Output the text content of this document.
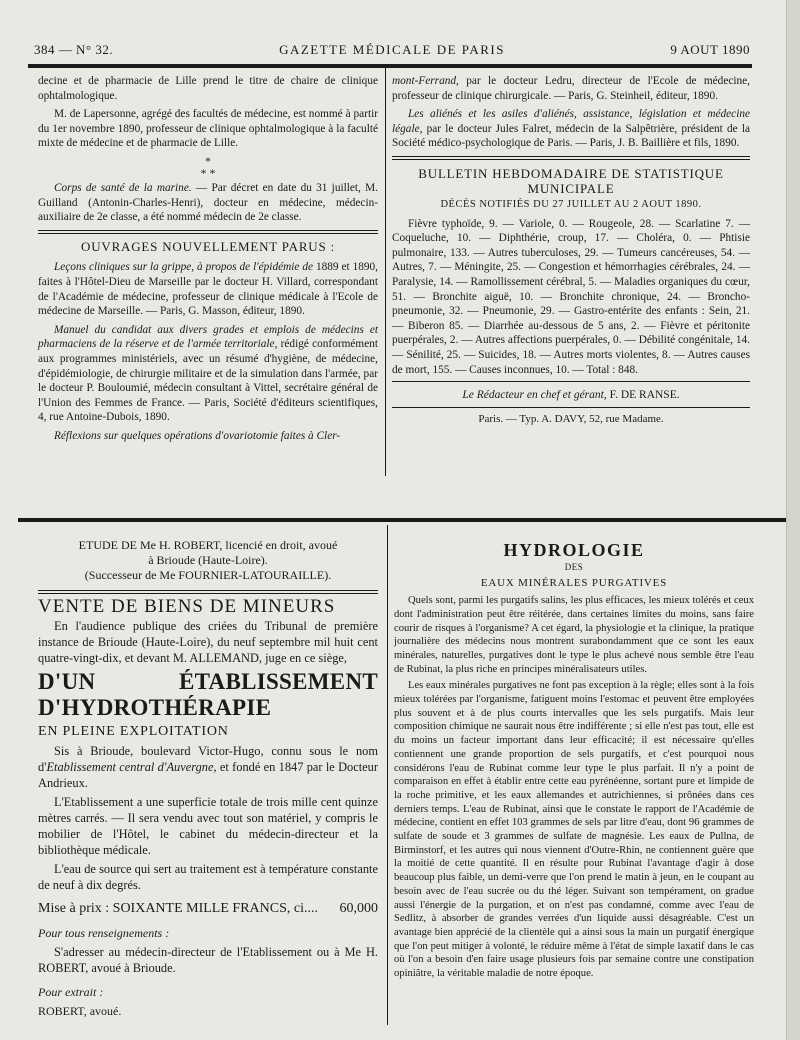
384 — N° 32.	GAZETTE MÉDICALE DE PARIS	9 AOUT 1890

decine et de pharmacie de Lille prend le titre de chaire de clinique ophtalmologique.

M. de Lapersonne, agrégé des facultés de médecine, est nommé à partir du 1er novembre 1890, professeur de clinique ophtalmologique à la faculté mixte de médecine et de pharmacie de Lille.

*
* *

Corps de santé de la marine. — Par décret en date du 31 juillet, M. Guilland (Antonin-Charles-Henri), docteur en médecine, médecin-auxiliaire de 2e classe, a été nommé médecin de 2e classe.

OUVRAGES NOUVELLEMENT PARUS :

Leçons cliniques sur la grippe, à propos de l'épidémie de 1889 et 1890, faites à l'Hôtel-Dieu de Marseille par le docteur H. Villard, correspondant de l'Académie de médecine, professeur de clinique médicale à l'Ecole de médecine de Marseille. — Paris, G. Masson, éditeur, 1890.

Manuel du candidat aux divers grades et emplois de médecins et pharmaciens de la réserve et de l'armée territoriale, rédigé conformément aux programmes ministériels, avec un résumé d'hygiène, de médecine, d'épidémiologie, de chirurgie militaire et de la simulation dans l'armée, par le docteur P. Bouloumié, médecin consultant à Vittel, secrétaire général de l'Union des Femmes de France. — Paris, Société d'éditeurs scientifiques, 4, rue Antoine-Dubois, 1890.

Réflexions sur quelques opérations d'ovariotomie faites à Cler-

mont-Ferrand, par le docteur Ledru, directeur de l'Ecole de médecine, professeur de clinique chirurgicale. — Paris, G. Steinheil, éditeur, 1890.

Les aliénés et les asiles d'aliénés, assistance, législation et médecine légale, par le docteur Jules Falret, médecin de la Salpêtrière, président de la Société médico-psychologique de Paris. — Paris, J. B. Baillière et fils, 1890.

BULLETIN HEBDOMADAIRE DE STATISTIQUE MUNICIPALE
DÉCÈS NOTIFIÉS DU 27 JUILLET AU 2 AOUT 1890.

Fièvre typhoïde, 9. — Variole, 0. — Rougeole, 28. — Scarlatine 7. — Coqueluche, 10. — Diphthérie, croup, 17. — Choléra, 0. — Phtisie pulmonaire, 133. — Autres tuberculoses, 29. — Tumeurs cancéreuses, 54. — Autres, 7. — Méningite, 25. — Congestion et hémorrhagies cérébrales, 24. — Paralysie, 14. — Ramollissement cérébral, 5. — Maladies organiques du cœur, 51. — Bronchite aiguë, 10. — Bronchite chronique, 24. — Broncho-pneumonie, 32. — Pneumonie, 29. — Gastro-entérite des enfants : Sein, 21. — Biberon 85. — Diarrhée au-dessous de 5 ans, 2. — Fièvre et péritonite puerpérales, 2. — Autres affections puerpérales, 0. — Débilité congénitale, 14. — Sénilité, 25. — Suicides, 18. — Autres morts violentes, 8. — Autres causes de mort, 155. — Causes inconnues, 10. — Total : 848.

Le Rédacteur en chef et gérant, F. DE RANSE.
Paris. — Typ. A. DAVY, 52, rue Madame.

ETUDE DE Me H. ROBERT, licencié en droit, avoué

à Brioude (Haute-Loire).

(Successeur de Me FOURNIER-LATOURAILLE).

VENTE DE BIENS DE MINEURS

En l'audience publique des criées du Tribunal de première instance de Brioude (Haute-Loire), du neuf septembre mil huit cent quatre-vingt-dix, et devant M. ALLEMAND, juge en ce siège,

D'UN ÉTABLISSEMENT D'HYDROTHÉRAPIE

EN PLEINE EXPLOITATION

Sis à Brioude, boulevard Victor-Hugo, connu sous le nom d'Etablissement central d'Auvergne, et fondé en 1847 par le Docteur Andrieux.

L'Etablissement a une superficie totale de trois mille cent quinze mètres carrés. — Il sera vendu avec tout son matériel, y compris le mobilier de l'Hôtel, le cabinet du médecin-directeur et la bibliothèque médicale.

L'eau de source qui sert au traitement est à température constante de neuf à dix degrés.

Mise à prix : SOIXANTE MILLE FRANCS, ci.... 60,000

Pour tous renseignements :

S'adresser au médecin-directeur de l'Etablissement ou à Me H. ROBERT, avoué à Brioude.

Pour extrait :

ROBERT, avoué.

HYDROLOGIE

DES

EAUX MINÉRALES PURGATIVES

Quels sont, parmi les purgatifs salins, les plus efficaces, les mieux tolérés et ceux dont l'administration peut être réitérée, dans certaines limites du moins, sans faire courir de risques à l'organisme? A cet égard, la physiologie et la clinique, la pratique journalière des médecins nous montrent surabondamment que ce sont les eaux minérales, naturelles, purgatives dont le type le plus achevé nous semble être l'eau de Rubinat, la plus riche en principes minéralisateurs utiles.

Les eaux minérales purgatives ne font pas exception à la règle; elles sont à la fois mieux tolérées par l'organisme, fatiguent moins l'estomac et peuvent être employées plus souvent et à de plus courts intervalles que les sels purgatifs. Mais leur composition chimique ne saurait nous être indifférente ; si elle n'est pas tout, elle est du moins un facteur important dans leur efficacité; il est nécessaire qu'elles contiennent une grande proportion de sels purgatifs, et c'est pourquoi nous considérons l'eau de Rubinat comme leur type le plus parfait. Il n'y a point de comparaison en effet à établir entre cette eau pyrénéenne, sortant pure et limpide de la roche primitive, et les eaux allemandes et autrichiennes, si prônées dans ces derniers temps. L'eau de Rubinat, ainsi que le constate le rapport de l'Académie de médecine, contient en effet 103 grammes de sels par litre d'eau, dont 96 grammes de sulfate de soude et 3 grammes de sulfate de magnésie. Les eaux de Pullna, de Birminstorf, et les autres qui nous viennent d'Outre-Rhin, ne contiennent guère que la moitié de cette quantité. Il en résulte pour Rubinat l'avantage d'agir à dose beaucoup plus faible, un demi-verre que l'on prend le matin à jeun, en le coupant au besoin avec de l'eau sucrée ou du thé léger. Suivant son tempérament, on gradue aussi l'énergie de la purgation, et on n'est pas condamné, comme avec l'eau de Sedlitz, à absorber de grandes verrées d'un liquide aussi désagréable. C'est un avantage bien apprécié de la clientèle qui a ainsi sous la main un purgatif énergique que l'on peut mitiger à volonté, le réduire même à l'état de simple laxatif dans le cas où l'on a besoin d'en faire usage plusieurs fois par semaine contre une constipation opiniâtre, la véritable maladie de notre époque.
